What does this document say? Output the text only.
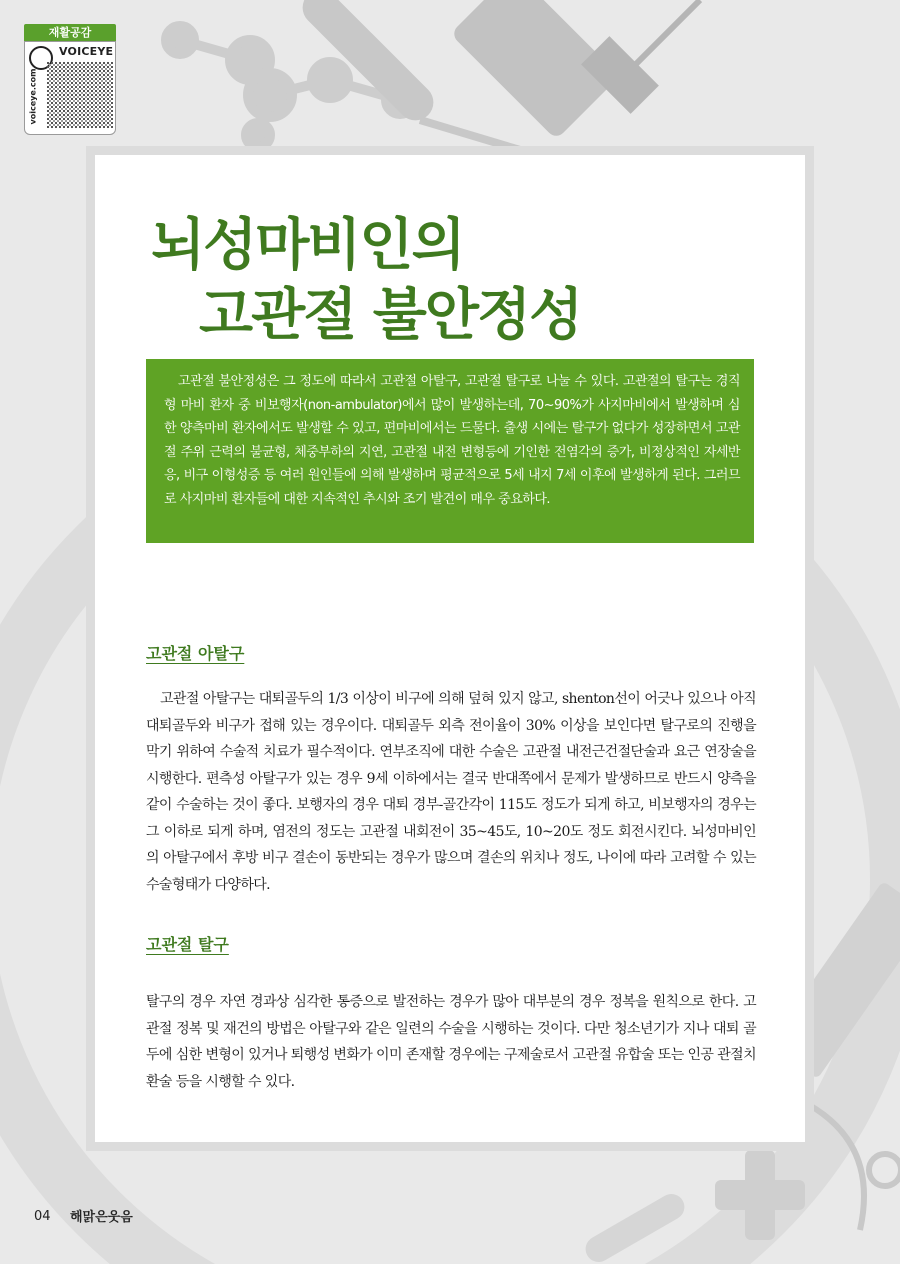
재활공감
VOICEYE
voiceye.com
뇌성마비인의
고관절 불안정성
고관절 불안정성은 그 정도에 따라서 고관절 아탈구, 고관절 탈구로 나눌 수 있다. 고관절의 탈구는 경직형 마비 환자 중 비보행자(non-ambulator)에서 많이 발생하는데, 70~90%가 사지마비에서 발생하며 심한 양측마비 환자에서도 발생할 수 있고, 편마비에서는 드물다. 출생 시에는 탈구가 없다가 성장하면서 고관절 주위 근력의 불균형, 체중부하의 지연, 고관절 내전 변형등에 기인한 전염각의 증가, 비정상적인 자세반응, 비구 이형성증 등 여러 원인들에 의해 발생하며 평균적으로 5세 내지 7세 이후에 발생하게 된다. 그러므로 사지마비 환자들에 대한 지속적인 추시와 조기 발견이 매우 중요하다.
고관절 아탈구
고관절 아탈구는 대퇴골두의 1/3 이상이 비구에 의해 덮혀 있지 않고, shenton선이 어긋나 있으나 아직 대퇴골두와 비구가 접해 있는 경우이다. 대퇴골두 외측 전이율이 30% 이상을 보인다면 탈구로의 진행을 막기 위하여 수술적 치료가 필수적이다. 연부조직에 대한 수술은 고관절 내전근건절단술과 요근 연장술을 시행한다. 편측성 아탈구가 있는 경우 9세 이하에서는 결국 반대쪽에서 문제가 발생하므로 반드시 양측을 같이 수술하는 것이 좋다. 보행자의 경우 대퇴 경부-골간각이 115도 정도가 되게 하고, 비보행자의 경우는 그 이하로 되게 하며, 염전의 정도는 고관절 내회전이 35~45도, 10~20도 정도 회전시킨다. 뇌성마비인의 아탈구에서 후방 비구 결손이 동반되는 경우가 많으며 결손의 위치나 정도, 나이에 따라 고려할 수 있는 수술형태가 다양하다.
고관절 탈구
탈구의 경우 자연 경과상 심각한 통증으로 발전하는 경우가 많아 대부분의 경우 정복을 원칙으로 한다. 고관절 정복 및 재건의 방법은 아탈구와 같은 일련의 수술을 시행하는 것이다. 다만 청소년기가 지나 대퇴 골두에 심한 변형이 있거나 퇴행성 변화가 이미 존재할 경우에는 구제술로서 고관절 유합술 또는 인공 관절치환술 등을 시행할 수 있다.
04 해맑은웃음
